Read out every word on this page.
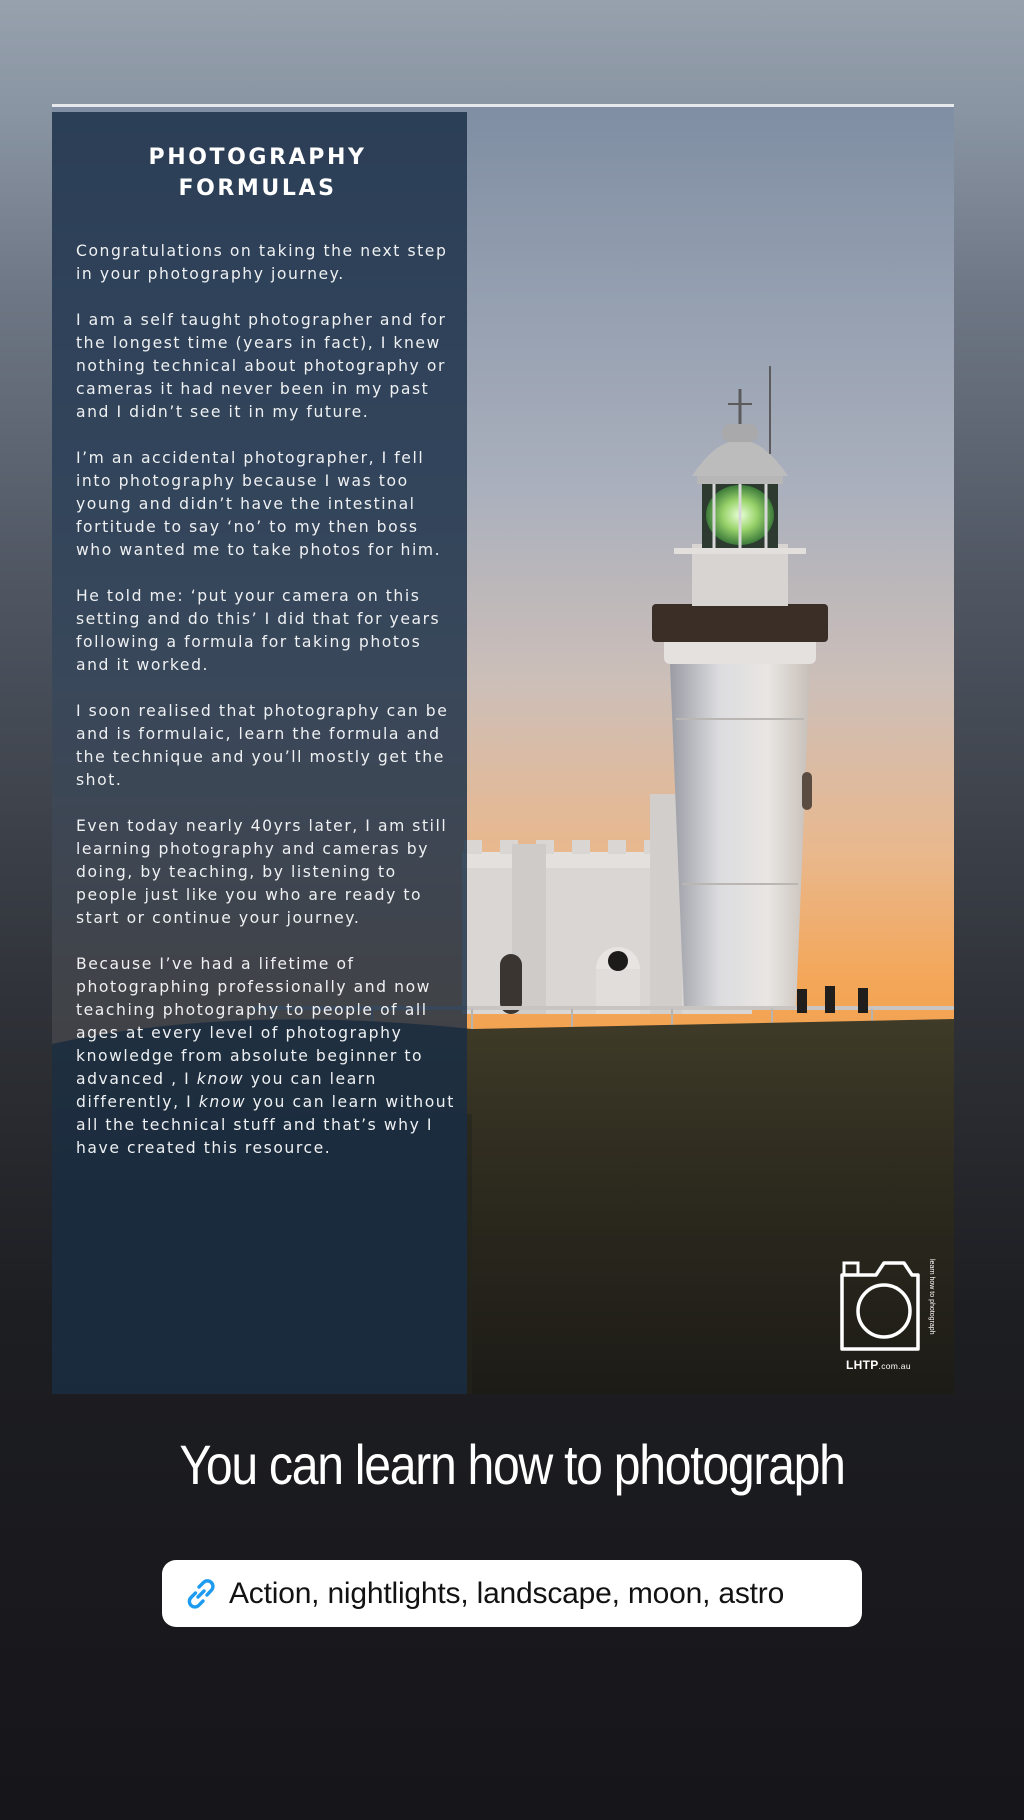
PHOTOGRAPHY FORMULAS

Congratulations on taking the next step in your photography journey.

I am a self taught photographer and for the longest time (years in fact), I knew nothing technical about photography or cameras it had never been in my past and I didn’t see it in my future.

I’m an accidental photographer, I fell into photography because I was too young and didn’t have the intestinal fortitude to say ‘no’ to my then boss who wanted me to take photos for him.

He told me: ‘put your camera on this setting and do this’ I did that for years following a formula for taking photos and it worked.

I soon realised that photography can be and is formulaic, learn the formula and the technique and you’ll mostly get the shot.

Even today nearly 40yrs later, I am still learning photography and cameras by doing, by teaching, by listening to people just like you who are ready to start or continue your journey.

Because I’ve had a lifetime of photographing professionally and now teaching photography to people of all ages at every level of photography knowledge from absolute beginner to advanced , I know you can learn differently, I know you can learn without all the technical stuff and that’s why I have created this resource.

LHTP.com.au
learn how to photograph
You can learn how to photograph
Action, nightlights, landscape, moon, astro
